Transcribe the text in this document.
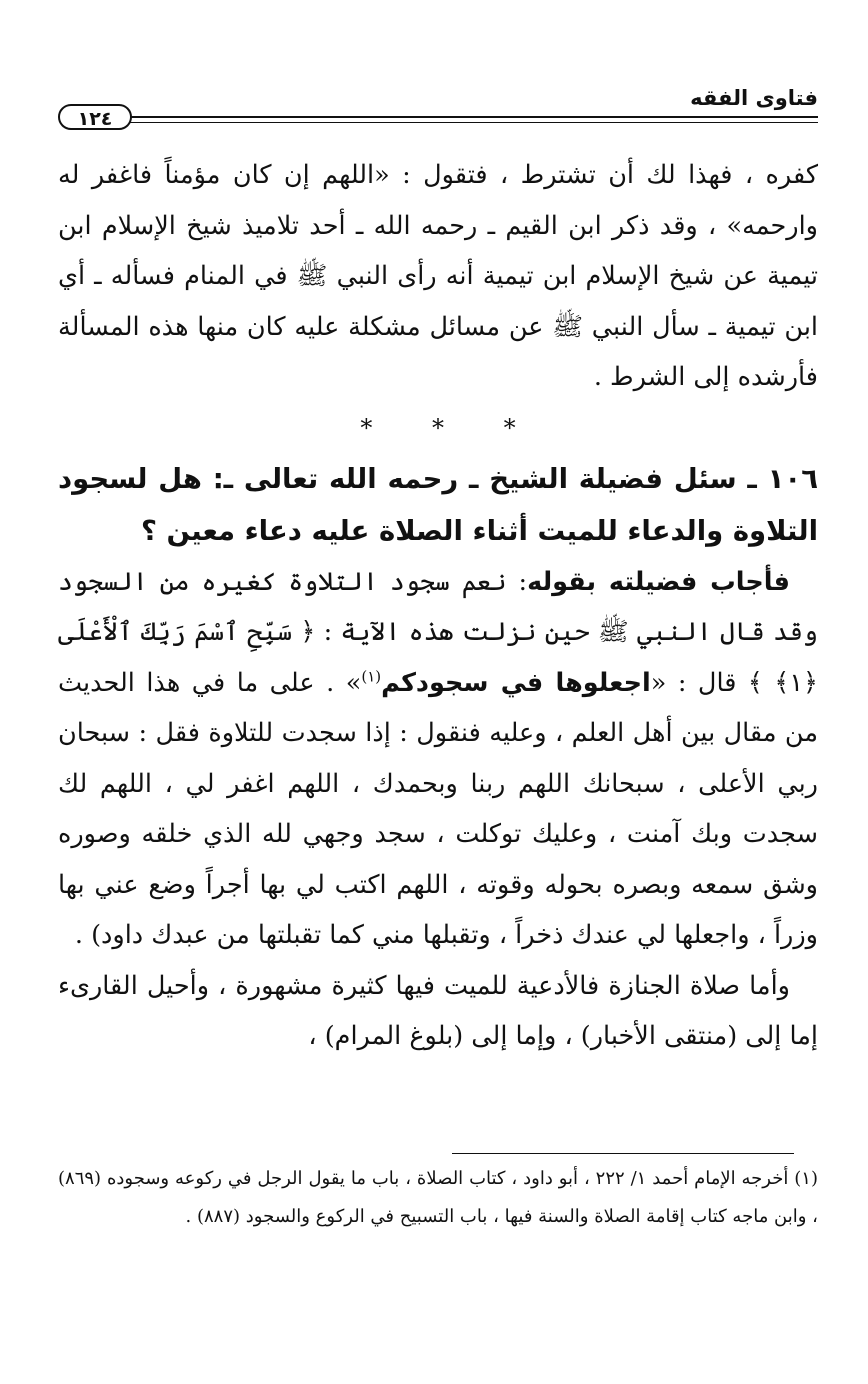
فتاوى الفقه
١٢٤

كفره ، فهذا لك أن تشترط ، فتقول : «اللهم إن كان مؤمناً فاغفر له وارحمه» ، وقد ذكر ابن القيم ـ رحمه الله ـ أحد تلاميذ شيخ الإسلام ابن تيمية عن شيخ الإسلام ابن تيمية أنه رأى النبي ﷺ في المنام فسأله ـ أي ابن تيمية ـ سأل النبي ﷺ عن مسائل مشكلة عليه كان منها هذه المسألة فأرشده إلى الشرط .

* * *

١٠٦ ـ سئل فضيلة الشيخ ـ رحمه الله تعالى ـ: هل لسجود التلاوة والدعاء للميت أثناء الصلاة عليه دعاء معين ؟

فأجاب فضيلته بقوله: نعم سجود التلاوة كغيره من السجود وقد قال النبي ﷺ حين نزلت هذه الآية : ﴿ سَبِّحِ ٱسْمَ رَبِّكَ ٱلْأَعْلَى ﴿١﴾ ﴾ قال : «اجعلوها في سجودكم$^{(١)}$» . على ما في هذا الحديث من مقال بين أهل العلم ، وعليه فنقول : إذا سجدت للتلاوة فقل : سبحان ربي الأعلى ، سبحانك اللهم ربنا وبحمدك ، اللهم اغفر لي ، اللهم لك سجدت وبك آمنت ، وعليك توكلت ، سجد وجهي لله الذي خلقه وصوره وشق سمعه وبصره بحوله وقوته ، اللهم اكتب لي بها أجراً وضع عني بها وزراً ، واجعلها لي عندك ذخراً ، وتقبلها مني كما تقبلتها من عبدك داود) .

وأما صلاة الجنازة فالأدعية للميت فيها كثيرة مشهورة ، وأحيل القارىء إما إلى (منتقى الأخبار) ، وإما إلى (بلوغ المرام) ،

(١) أخرجه الإمام أحمد ١/ ٢٢٢ ، أبو داود ، كتاب الصلاة ، باب ما يقول الرجل في ركوعه وسجوده (٨٦٩) ، وابن ماجه كتاب إقامة الصلاة والسنة فيها ، باب التسبيح في الركوع والسجود (٨٨٧) .
